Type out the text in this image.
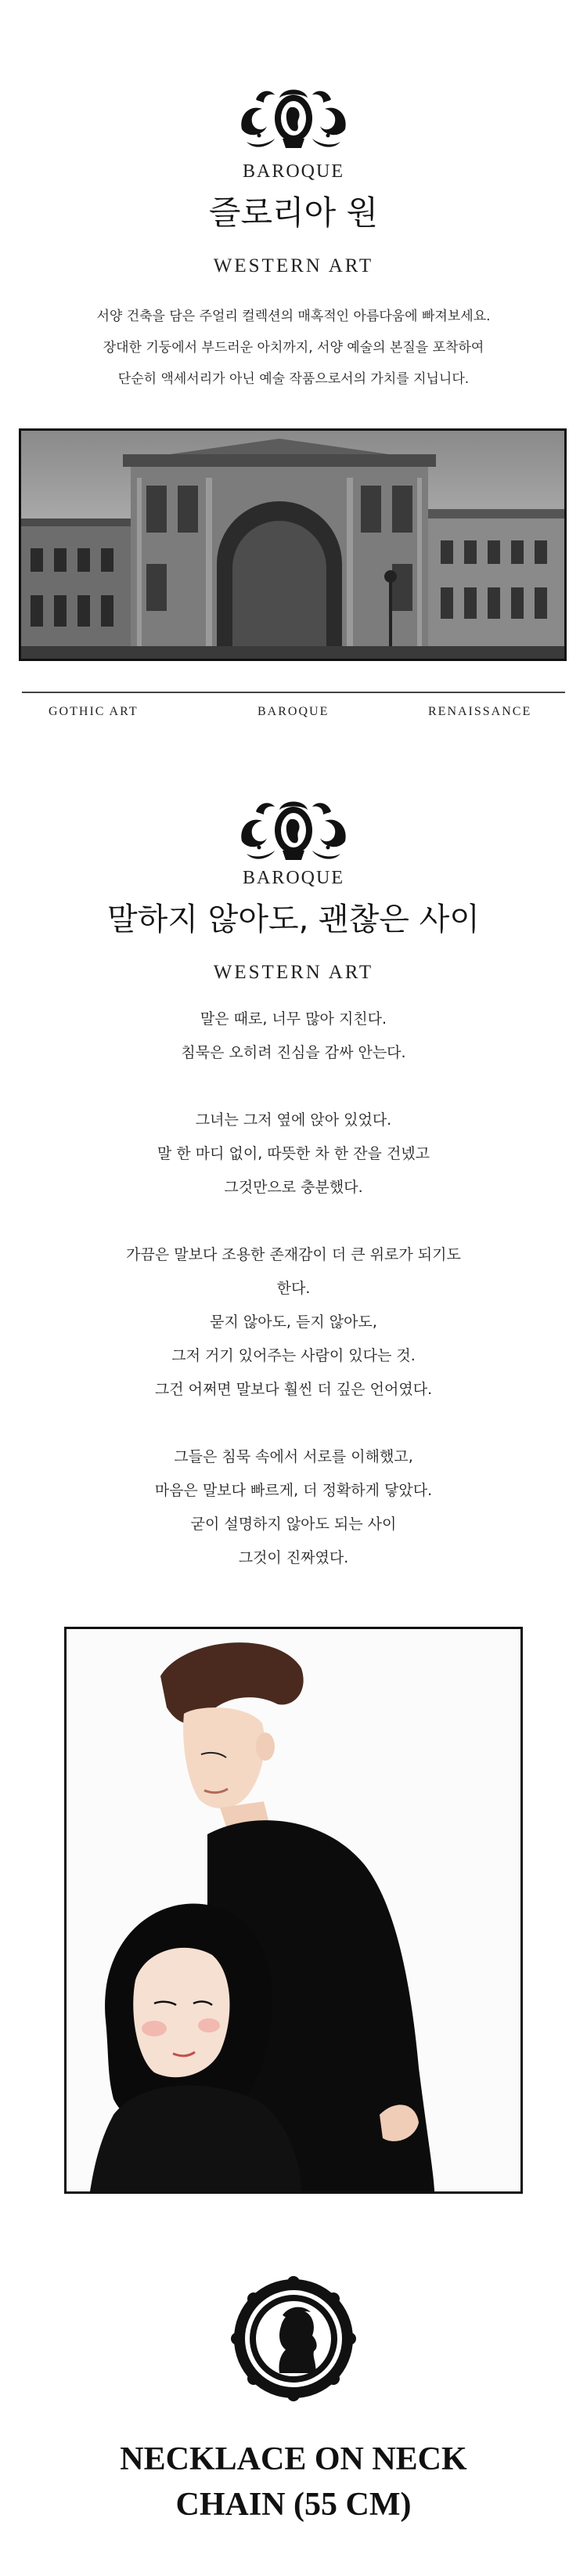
BAROQUE
즐로리아 원
WESTERN ART
서양 건축을 담은 주얼리 컬렉션의 매혹적인 아름다움에 빠져보세요.
장대한 기둥에서 부드러운 아치까지, 서양 예술의 본질을 포착하여
단순히 액세서리가 아닌 예술 작품으로서의 가치를 지닙니다.
GOTHIC ART	BAROQUE	RENAISSANCE
BAROQUE
말하지 않아도, 괜찮은 사이
WESTERN ART
말은 때로, 너무 많아 지친다.
침묵은 오히려 진심을 감싸 안는다.
그녀는 그저 옆에 앉아 있었다.
말 한 마디 없이, 따뜻한 차 한 잔을 건넸고
그것만으로 충분했다.
가끔은 말보다 조용한 존재감이 더 큰 위로가 되기도
한다.
묻지 않아도, 듣지 않아도,
그저 거기 있어주는 사람이 있다는 것.
그건 어쩌면 말보다 훨씬 더 깊은 언어였다.
그들은 침묵 속에서 서로를 이해했고,
마음은 말보다 빠르게, 더 정확하게 닿았다.
굳이 설명하지 않아도 되는 사이
그것이 진짜였다.
NECKLACE ON NECK
CHAIN (55 CM)
